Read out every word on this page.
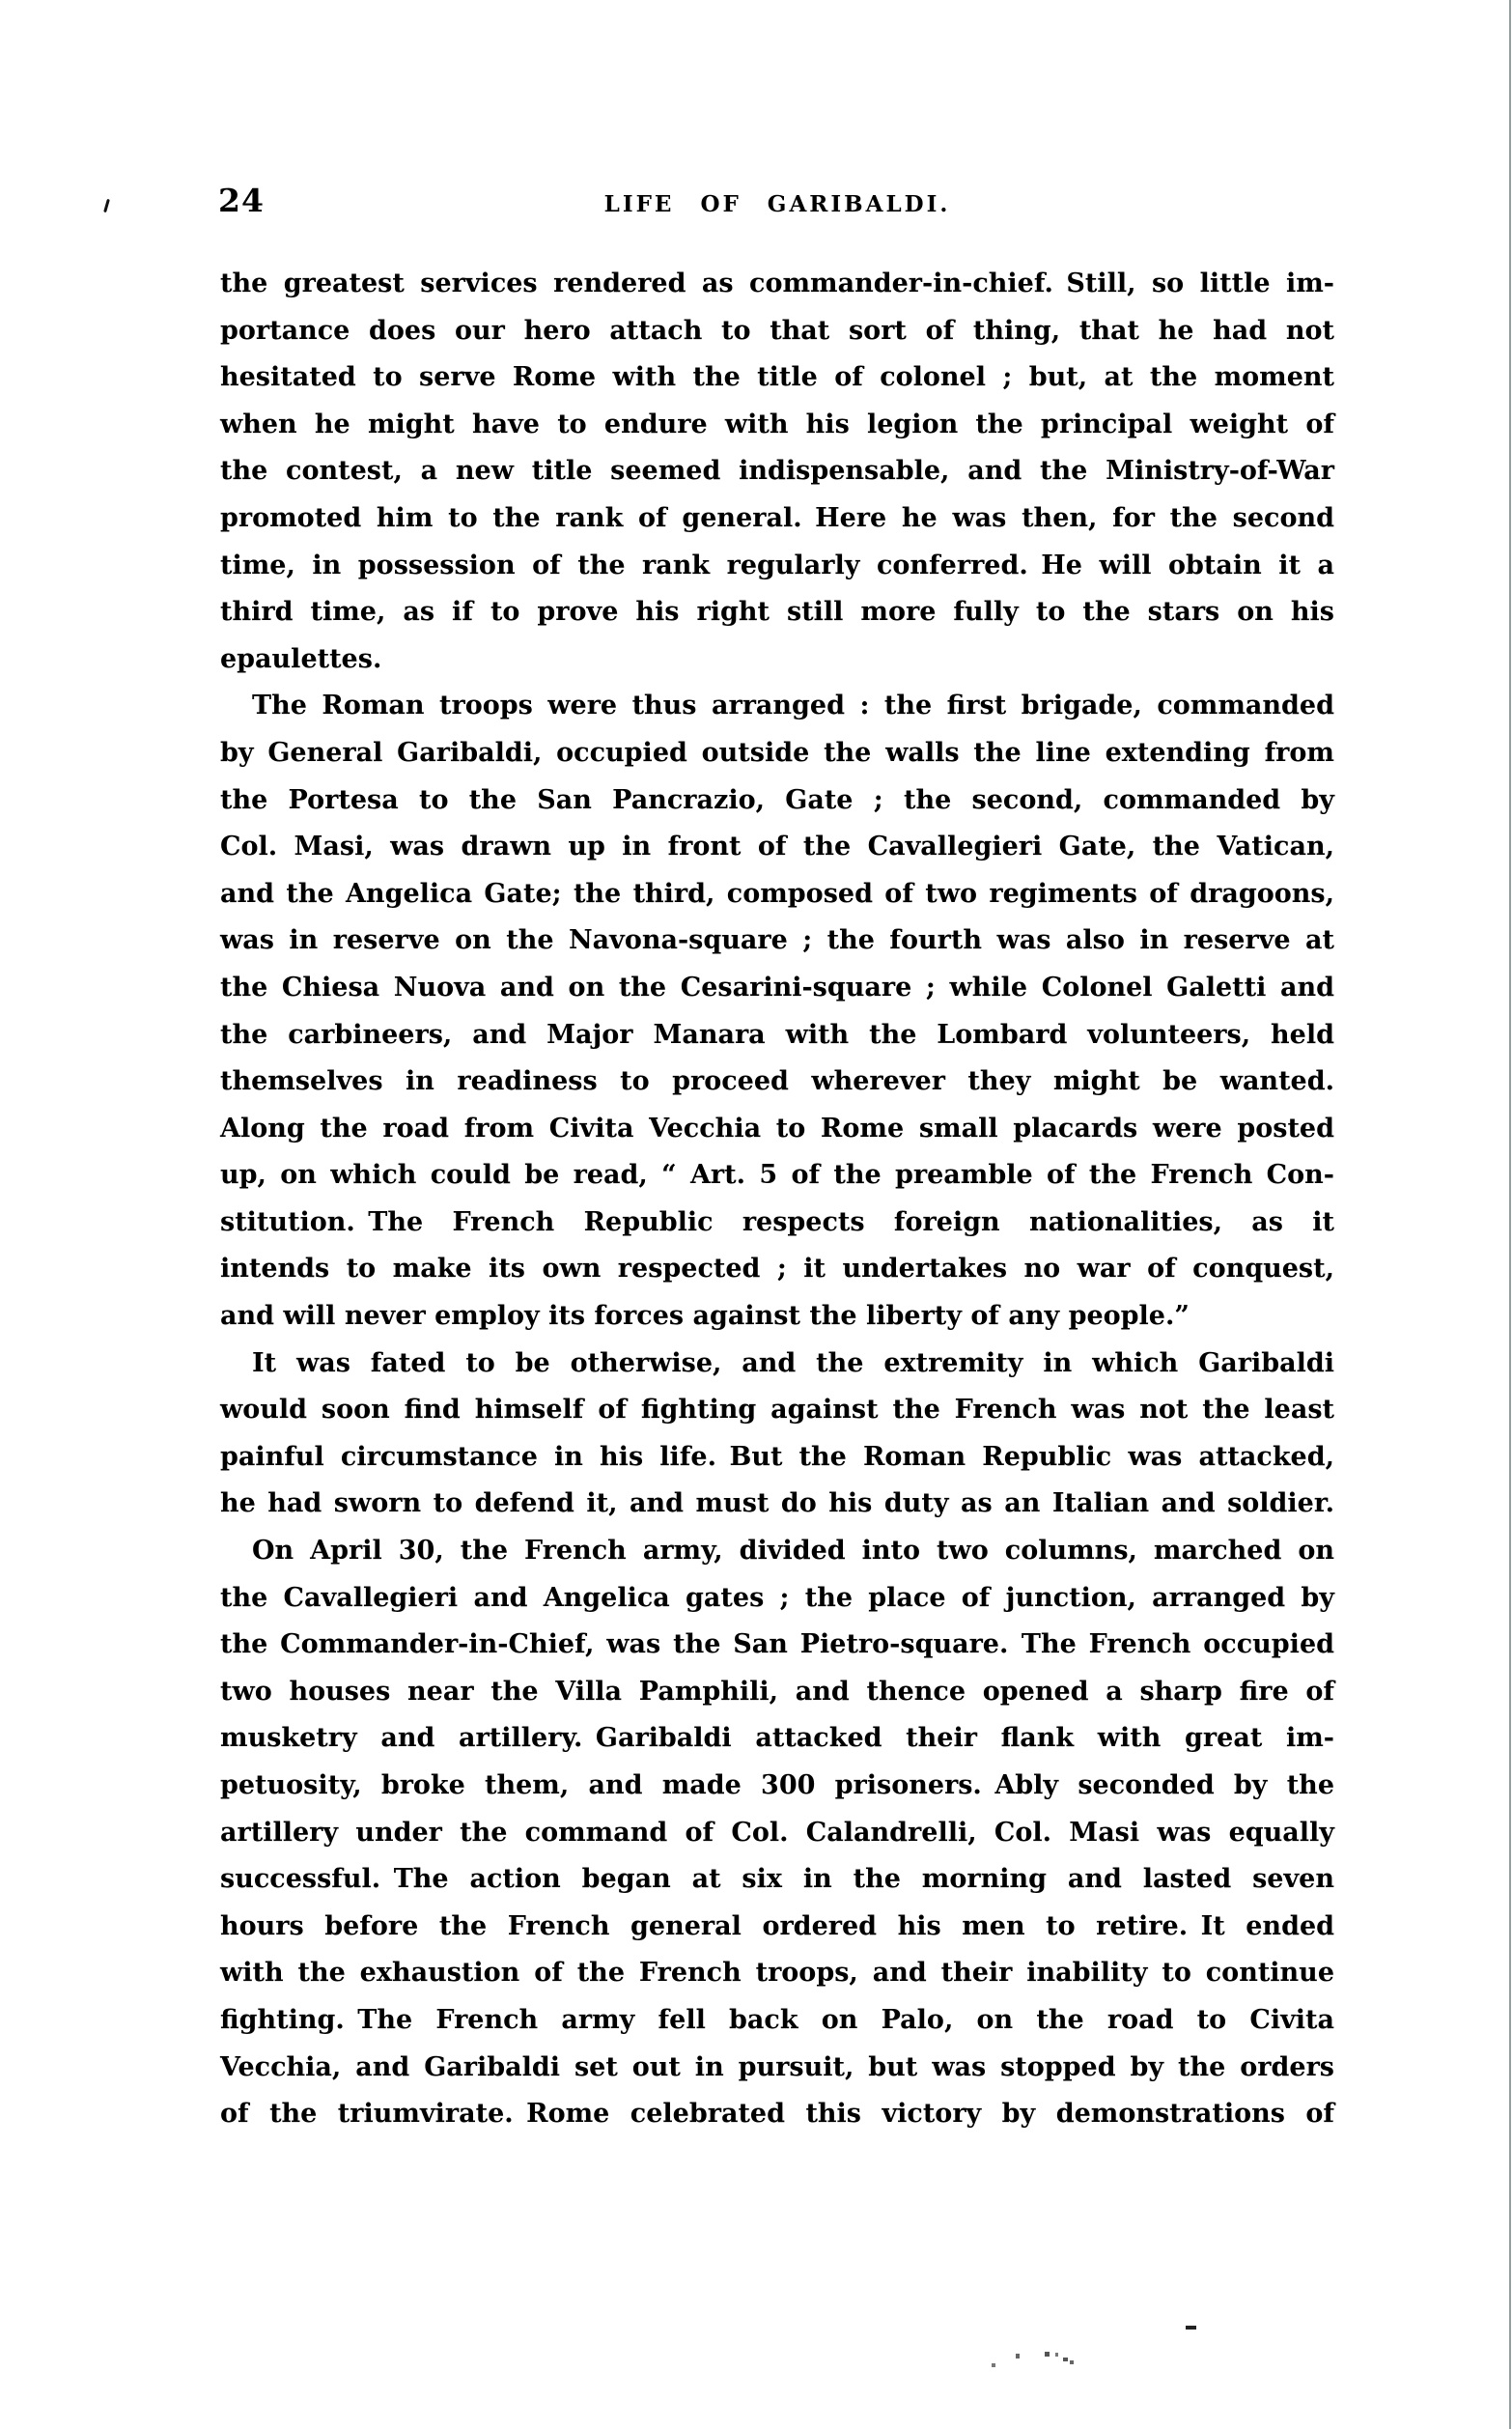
24	LIFE OF GARIBALDI.
the greatest services rendered as commander-in-chief. Still, so little im-
portance does our hero attach to that sort of thing, that he had not
hesitated to serve Rome with the title of colonel ; but, at the moment
when he might have to endure with his legion the principal weight of
the contest, a new title seemed indispensable, and the Ministry-of-War
promoted him to the rank of general. Here he was then, for the second
time, in possession of the rank regularly conferred. He will obtain it a
third time, as if to prove his right still more fully to the stars on his
epaulettes.
The Roman troops were thus arranged : the first brigade, commanded
by General Garibaldi, occupied outside the walls the line extending from
the Portesa to the San Pancrazio, Gate ; the second, commanded by
Col. Masi, was drawn up in front of the Cavallegieri Gate, the Vatican,
and the Angelica Gate; the third, composed of two regiments of dragoons,
was in reserve on the Navona-square ; the fourth was also in reserve at
the Chiesa Nuova and on the Cesarini-square ; while Colonel Galetti and
the carbineers, and Major Manara with the Lombard volunteers, held
themselves in readiness to proceed wherever they might be wanted.
Along the road from Civita Vecchia to Rome small placards were posted
up, on which could be read, “ Art. 5 of the preamble of the French Con-
stitution. The French Republic respects foreign nationalities, as it
intends to make its own respected ; it undertakes no war of conquest,
and will never employ its forces against the liberty of any people.”
It was fated to be otherwise, and the extremity in which Garibaldi
would soon find himself of fighting against the French was not the least
painful circumstance in his life. But the Roman Republic was attacked,
he had sworn to defend it, and must do his duty as an Italian and soldier.
On April 30, the French army, divided into two columns, marched on
the Cavallegieri and Angelica gates ; the place of junction, arranged by
the Commander-in-Chief, was the San Pietro-square. The French occupied
two houses near the Villa Pamphili, and thence opened a sharp fire of
musketry and artillery. Garibaldi attacked their flank with great im-
petuosity, broke them, and made 300 prisoners. Ably seconded by the
artillery under the command of Col. Calandrelli, Col. Masi was equally
successful. The action began at six in the morning and lasted seven
hours before the French general ordered his men to retire. It ended
with the exhaustion of the French troops, and their inability to continue
fighting. The French army fell back on Palo, on the road to Civita
Vecchia, and Garibaldi set out in pursuit, but was stopped by the orders
of the triumvirate. Rome celebrated this victory by demonstrations of
